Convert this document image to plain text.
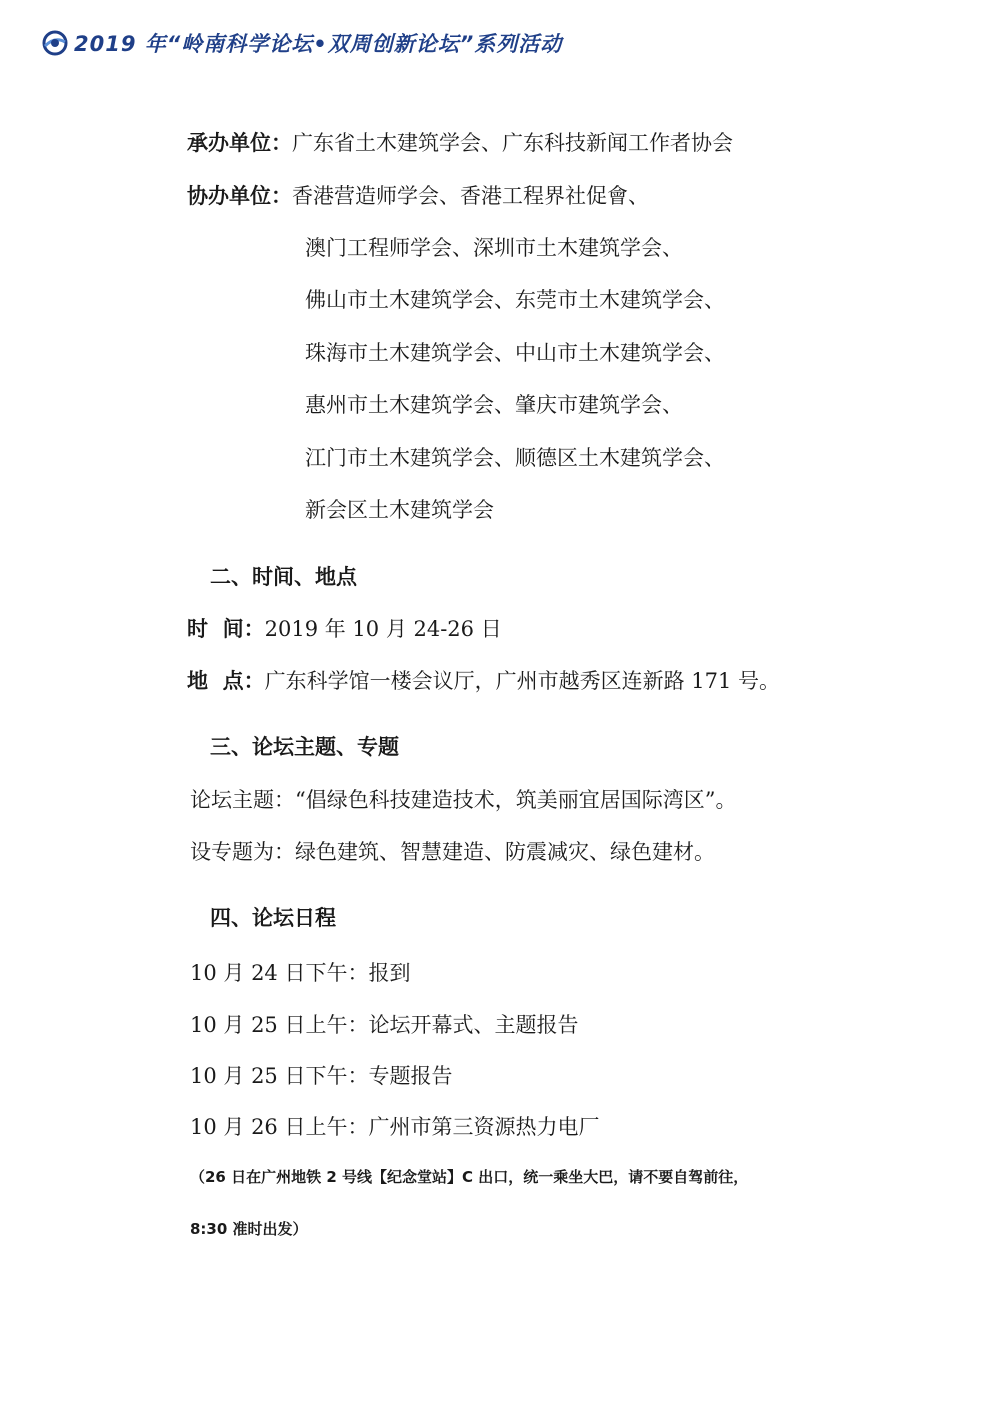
2019 年“岭南科学论坛•双周创新论坛”系列活动
承办单位：广东省土木建筑学会、广东科技新闻工作者协会
协办单位：香港营造师学会、香港工程界社促會、
澳门工程师学会、深圳市土木建筑学会、
佛山市土木建筑学会、东莞市土木建筑学会、
珠海市土木建筑学会、中山市土木建筑学会、
惠州市土木建筑学会、肇庆市建筑学会、
江门市土木建筑学会、顺德区土木建筑学会、
新会区土木建筑学会
二、时间、地点
时  间：2019 年 10 月 24-26 日
地  点：广东科学馆一楼会议厅，广州市越秀区连新路 171 号。
三、论坛主题、专题
论坛主题：“倡绿色科技建造技术，筑美丽宜居国际湾区”。
设专题为：绿色建筑、智慧建造、防震减灾、绿色建材。
四、论坛日程
10 月 24 日下午：报到
10 月 25 日上午：论坛开幕式、主题报告
10 月 25 日下午：专题报告
10 月 26 日上午：广州市第三资源热力电厂
（26 日在广州地铁 2 号线【纪念堂站】C 出口，统一乘坐大巴，请不要自驾前往，
8:30 准时出发）
